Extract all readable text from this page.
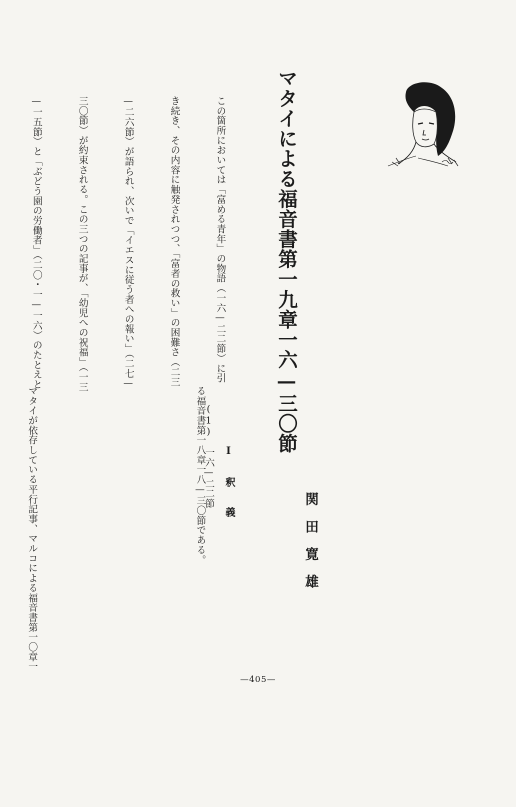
マタイによる福音書第一九章一六—三〇節

この箇所においては「富める青年」の物語（一六—二二節）に引

き続き、その内容に触発されつつ、「富者の救い」の困難さ（二三

—二六節）が語られ、次いで「イエスに従う者への報い」（二七—

三〇節）が約束される。この三つの記事が、「幼児への祝福」（一三

—一五節）と「ぶどう園の労働者」（二〇・一—一六）のたとえと

I　釈　義
(1)　一六—二二節

る福音書第一八章一八—三〇節である。

マタイが依存している平行記事、マルコによる福音書第一〇章一

	関田寛雄
—405—
